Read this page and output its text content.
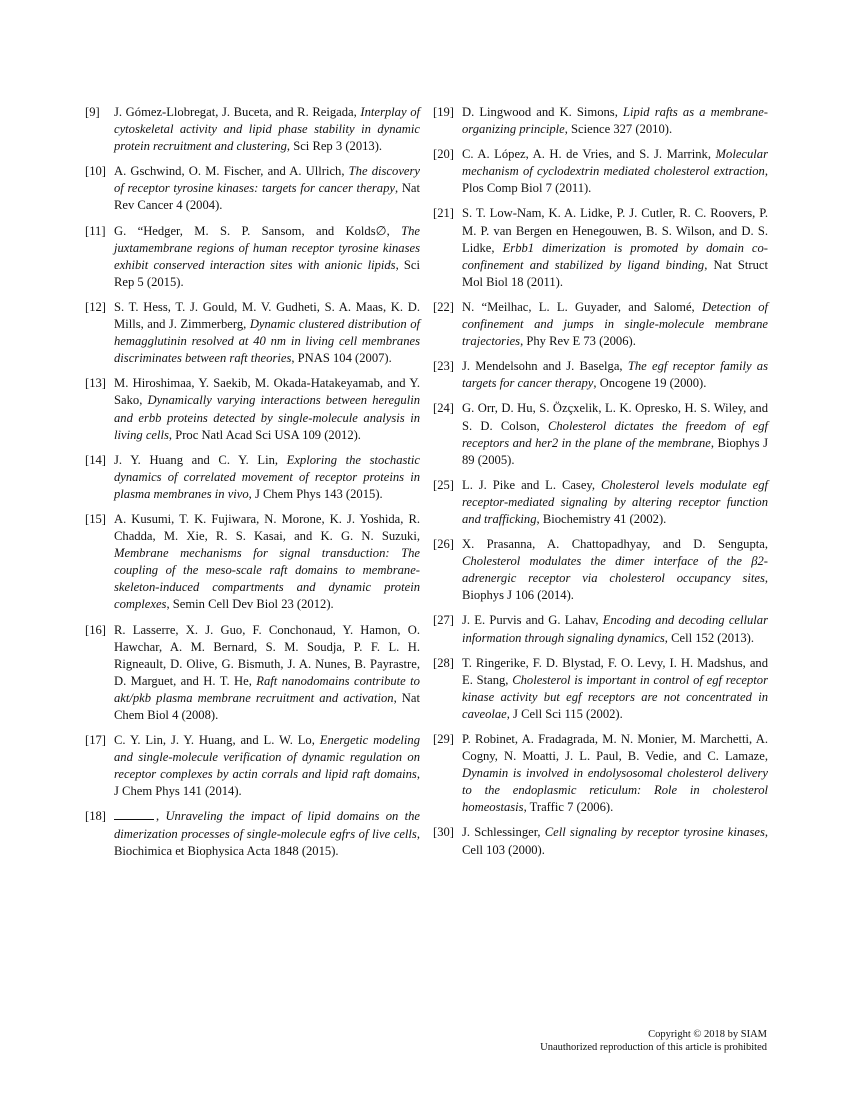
[9]	J. Gómez-Llobregat, J. Buceta, and R. Reigada, Interplay of cytoskeletal activity and lipid phase stability in dynamic protein recruitment and clustering, Sci Rep 3 (2013).
[10] A. Gschwind, O. M. Fischer, and A. Ullrich, The discovery of receptor tyrosine kinases: targets for cancer therapy, Nat Rev Cancer 4 (2004).
[11] G. “Hedger, M. S. P. Sansom, and Kolds∅, The juxtamembrane regions of human receptor tyrosine kinases exhibit conserved interaction sites with anionic lipids, Sci Rep 5 (2015).
[12] S. T. Hess, T. J. Gould, M. V. Gudheti, S. A. Maas, K. D. Mills, and J. Zimmerberg, Dynamic clustered distribution of hemagglutinin resolved at 40 nm in living cell membranes discriminates between raft theories, PNAS 104 (2007).
[13] M. Hiroshimaa, Y. Saekib, M. Okada-Hatakeyamab, and Y. Sako, Dynamically varying interactions between heregulin and erbb proteins detected by single-molecule analysis in living cells, Proc Natl Acad Sci USA 109 (2012).
[14] J. Y. Huang and C. Y. Lin, Exploring the stochastic dynamics of correlated movement of receptor proteins in plasma membranes in vivo, J Chem Phys 143 (2015).
[15] A. Kusumi, T. K. Fujiwara, N. Morone, K. J. Yoshida, R. Chadda, M. Xie, R. S. Kasai, and K. G. N. Suzuki, Membrane mechanisms for signal transduction: The coupling of the meso-scale raft domains to membrane-skeleton-induced compartments and dynamic protein complexes, Semin Cell Dev Biol 23 (2012).
[16] R. Lasserre, X. J. Guo, F. Conchonaud, Y. Hamon, O. Hawchar, A. M. Bernard, S. M. Soudja, P. F. L. H. Rigneault, D. Olive, G. Bismuth, J. A. Nunes, B. Payrastre, D. Marguet, and H. T. He, Raft nanodomains contribute to akt/pkb plasma membrane recruitment and activation, Nat Chem Biol 4 (2008).
[17] C. Y. Lin, J. Y. Huang, and L. W. Lo, Energetic modeling and single-molecule verification of dynamic regulation on receptor complexes by actin corrals and lipid raft domains, J Chem Phys 141 (2014).
[18]	, Unraveling the impact of lipid domains on the dimerization processes of single-molecule egfrs of live cells, Biochimica et Biophysica Acta 1848 (2015).
[19] D. Lingwood and K. Simons, Lipid rafts as a membrane-organizing principle, Science 327 (2010).
[20] C. A. López, A. H. de Vries, and S. J. Marrink, Molecular mechanism of cyclodextrin mediated cholesterol extraction, Plos Comp Biol 7 (2011).
[21] S. T. Low-Nam, K. A. Lidke, P. J. Cutler, R. C. Roovers, P. M. P. van Bergen en Henegouwen, B. S. Wilson, and D. S. Lidke, Erbb1 dimerization is promoted by domain co-confinement and stabilized by ligand binding, Nat Struct Mol Biol 18 (2011).
[22] N. “Meilhac, L. L. Guyader, and Salomé, Detection of confinement and jumps in single-molecule membrane trajectories, Phy Rev E 73 (2006).
[23] J. Mendelsohn and J. Baselga, The egf receptor family as targets for cancer therapy, Oncogene 19 (2000).
[24] G. Orr, D. Hu, S. Özçxelik, L. K. Opresko, H. S. Wiley, and S. D. Colson, Cholesterol dictates the freedom of egf receptors and her2 in the plane of the membrane, Biophys J 89 (2005).
[25] L. J. Pike and L. Casey, Cholesterol levels modulate egf receptor-mediated signaling by altering receptor function and trafficking, Biochemistry 41 (2002).
[26] X. Prasanna, A. Chattopadhyay, and D. Sengupta, Cholesterol modulates the dimer interface of the β2-adrenergic receptor via cholesterol occupancy sites, Biophys J 106 (2014).
[27] J. E. Purvis and G. Lahav, Encoding and decoding cellular information through signaling dynamics, Cell 152 (2013).
[28] T. Ringerike, F. D. Blystad, F. O. Levy, I. H. Madshus, and E. Stang, Cholesterol is important in control of egf receptor kinase activity but egf receptors are not concentrated in caveolae, J Cell Sci 115 (2002).
[29] P. Robinet, A. Fradagrada, M. N. Monier, M. Marchetti, A. Cogny, N. Moatti, J. L. Paul, B. Vedie, and C. Lamaze, Dynamin is involved in endolysosomal cholesterol delivery to the endoplasmic reticulum: Role in cholesterol homeostasis, Traffic 7 (2006).
[30] J. Schlessinger, Cell signaling by receptor tyrosine kinases, Cell 103 (2000).
Copyright © 2018 by SIAM
Unauthorized reproduction of this article is prohibited
